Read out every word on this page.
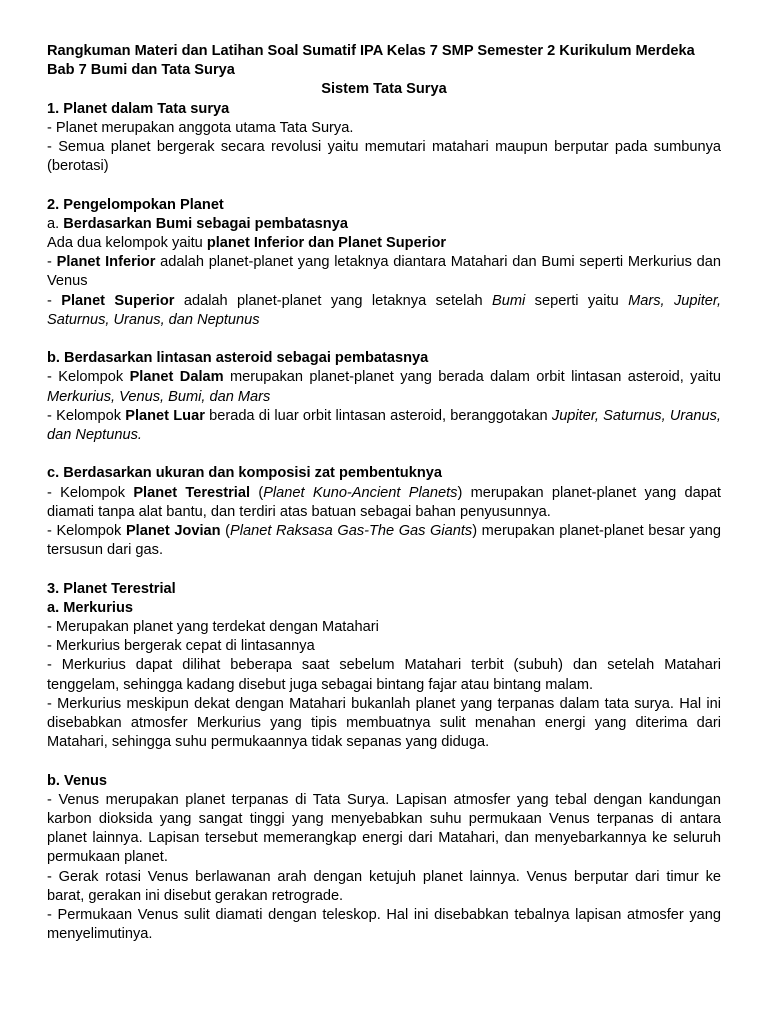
Rangkuman Materi dan Latihan Soal Sumatif IPA Kelas 7 SMP Semester 2 Kurikulum Merdeka Bab 7 Bumi dan Tata Surya

Sistem Tata Surya

1. Planet dalam Tata surya

- Planet merupakan anggota utama Tata Surya.

- Semua planet bergerak secara revolusi yaitu memutari matahari maupun berputar pada sumbunya (berotasi)

2. Pengelompokan Planet

a. Berdasarkan Bumi sebagai pembatasnya

Ada dua kelompok yaitu planet Inferior dan Planet Superior

- Planet Inferior adalah planet-planet yang letaknya diantara Matahari dan Bumi seperti Merkurius dan Venus

- Planet Superior adalah planet-planet yang letaknya setelah Bumi seperti yaitu Mars, Jupiter, Saturnus, Uranus, dan Neptunus

b. Berdasarkan lintasan asteroid sebagai pembatasnya

- Kelompok Planet Dalam merupakan planet-planet yang berada dalam orbit lintasan asteroid, yaitu Merkurius, Venus, Bumi, dan Mars

- Kelompok Planet Luar berada di luar orbit lintasan asteroid, beranggotakan Jupiter, Saturnus, Uranus, dan Neptunus.

c. Berdasarkan ukuran dan komposisi zat pembentuknya

- Kelompok Planet Terestrial (Planet Kuno-Ancient Planets) merupakan planet-planet yang dapat diamati tanpa alat bantu, dan terdiri atas batuan sebagai bahan penyusunnya.

- Kelompok Planet Jovian (Planet Raksasa Gas-The Gas Giants) merupakan planet-planet besar yang tersusun dari gas.

3. Planet Terestrial
a. Merkurius

- Merupakan planet yang terdekat dengan Matahari

- Merkurius bergerak cepat di lintasannya

- Merkurius dapat dilihat beberapa saat sebelum Matahari terbit (subuh) dan setelah Matahari tenggelam, sehingga kadang disebut juga sebagai bintang fajar atau bintang malam.

- Merkurius meskipun dekat dengan Matahari bukanlah planet yang terpanas dalam tata surya. Hal ini disebabkan atmosfer Merkurius yang tipis membuatnya sulit menahan energi yang diterima dari Matahari, sehingga suhu permukaannya tidak sepanas yang diduga.

b. Venus

- Venus merupakan planet terpanas di Tata Surya. Lapisan atmosfer yang tebal dengan kandungan karbon dioksida yang sangat tinggi yang menyebabkan suhu permukaan Venus terpanas di antara planet lainnya. Lapisan tersebut memerangkap energi dari Matahari, dan menyebarkannya ke seluruh permukaan planet.

- Gerak rotasi Venus berlawanan arah dengan ketujuh planet lainnya. Venus berputar dari timur ke barat, gerakan ini disebut gerakan retrograde.

- Permukaan Venus sulit diamati dengan teleskop. Hal ini disebabkan tebalnya lapisan atmosfer yang menyelimutinya.
